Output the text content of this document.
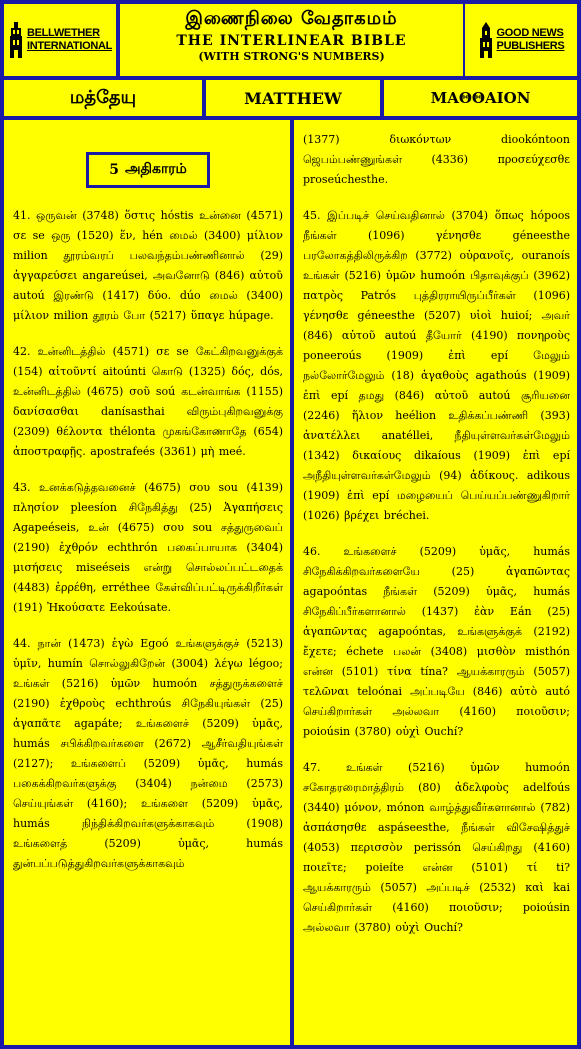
BELLWETHER
INTERNATIONAL
இணைநிலை வேதாகமம்
THE INTERLINEAR BIBLE
(WITH STRONG'S NUMBERS)
GOOD NEWS
PUBLISHERS
மத்தேயு	MATTHEW	ΜΑΘΘΑΙΟΝ
5 அதிகாரம்

41. ஒருவன் (3748) ὅστις hóstis உன்னை (4571) σε se ஒரு (1520) ἕν, hén மைல் (3400) μίλιον milion தூரம்வரப் பலவந்தம்பண்ணினால் (29) ἀγγαρεύσει angareúsei, அவனோடு (846) αὐτοῦ autoú இரண்டு (1417) δύο. dúo மைல் (3400) μίλιον milion தூரம் போ (5217) ὕπαγε húpage.

42. உன்னிடத்தில் (4571) σε se கேட்கிறவனுக்குக் (154) αἰτοῦντί aitoúnti கொடு (1325) δός, dós, உன்னிடத்தில் (4675) σοῦ soú கடன்வாங்க (1155) δανίσασθαι danísasthai விரும்புகிறவனுக்கு (2309) θέλοντα thélonta முகங்கோணாதே (654) ἀποστραφῇς. apostrafeés (3361) μὴ meé.

43. உனக்கடுத்தவனைச் (4675) σου sou (4139) πλησίον pleesíon சிநேகித்து (25) Ἀγαπήσεις Agapeéseis, உன் (4675) σου sou சத்துருவைப் (2190) ἐχθρόν echthrón பகைப்பாயாக (3404) μισήσεις miseéseis என்று சொல்லப்பட்டதைக் (4483) ἐρρέθη, erréthee கேள்விப்பட்டிருக்கிறீர்கள் (191) Ἠκούσατε Eekoúsate.

44. நான் (1473) ἐγὼ Egoó உங்களுக்குச் (5213) ὑμῖν, humín சொல்லுகிறேன் (3004) λέγω légoo; உங்கள் (5216) ὑμῶν humoón சத்துருக்களைச் (2190) ἐχθροὺς echthroús சிநேகியுங்கள் (25) ἀγαπᾶτε agapáte; உங்களைச் (5209) ὑμᾶς, humás சபிக்கிறவர்களை (2672) ஆசீர்வதியுங்கள் (2127); உங்களைப் (5209) ὑμᾶς, humás பகைக்கிறவர்களுக்கு (3404) நன்மை (2573) செய்யுங்கள் (4160); உங்களை (5209) ὑμᾶς, humás நிந்திக்கிறவர்களுக்காகவும் (1908) உங்களைத் (5209) ὑμᾶς, humás துன்பப்படுத்துகிறவர்களுக்காகவும்

(1377) διωκόντων diookóntoon ஜெபம்பண்ணுங்கள் (4336) προσεύχεσθε proseúchesthe.

45. இப்படிச் செய்வதினால் (3704) ὅπως hópoos நீங்கள் (1096) γένησθε géneesthe பரலோகத்திலிருக்கிற (3772) οὐρανοῖς, ouranoís உங்கள் (5216) ὑμῶν humoón பிதாவுக்குப் (3962) πατρὸς Patrós புத்திரராயிருப்பீர்கள் (1096) γένησθε géneesthe (5207) υἱοὶ huioí; அவர் (846) αὐτοῦ autoú தீயோர் (4190) πονηροὺς poneeroús (1909) ἐπὶ epí மேலும் நல்லோர்மேலும் (18) ἀγαθοὺς agathoús (1909) ἐπὶ epí தமது (846) αὐτοῦ autoú சூரியனை (2246) ἥλιον heélion உதிக்கப்பண்ணி (393) ἀνατέλλει anatéllei, நீதியுள்ளவர்கள்மேலும் (1342) δικαίους dikaíous (1909) ἐπὶ epí அநீதியுள்ளவர்கள்மேலும் (94) ἀδίκους. adikous (1909) ἐπὶ epí மழையைப் பெய்யப்பண்ணுகிறார் (1026) βρέχει bréchei.

46. உங்களைச் (5209) ὑμᾶς, humás சிநேகிக்கிறவர்களையே (25) ἀγαπῶντας agapoóntas நீங்கள் (5209) ὑμᾶς, humás சிநேகிப்பீர்களானால் (1437) ἐὰν Eán (25) ἀγαπῶντας agapoóntas, உங்களுக்குக் (2192) ἔχετε; échete பலன் (3408) μισθὸν misthón என்ன (5101) τίνα tína? ஆயக்காரரும் (5057) τελῶναι teloónai அப்படியே (846) αὐτὸ autó செய்கிறார்கள் அல்லவா (4160) ποιοῦσιν; poioúsin (3780) οὐχὶ Ouchí?

47. உங்கள் (5216) ὑμῶν humoón சகோதரரைமாத்திரம் (80) ἀδελφοὺς adelfoús (3440) μόνον, mónon வாழ்த்துவீர்களானால் (782) ἀσπάσησθε aspáseesthe, நீங்கள் விசேஷித்துச் (4053) περισσὸν perissón செய்கிறது (4160) ποιεῖτε; poieíte என்ன (5101) τί ti? ஆயக்காரரும் (5057) அப்படிச் (2532) καὶ kai செய்கிறார்கள் (4160) ποιοῦσιν; poioúsin அல்லவா (3780) οὐχὶ Ouchí?
